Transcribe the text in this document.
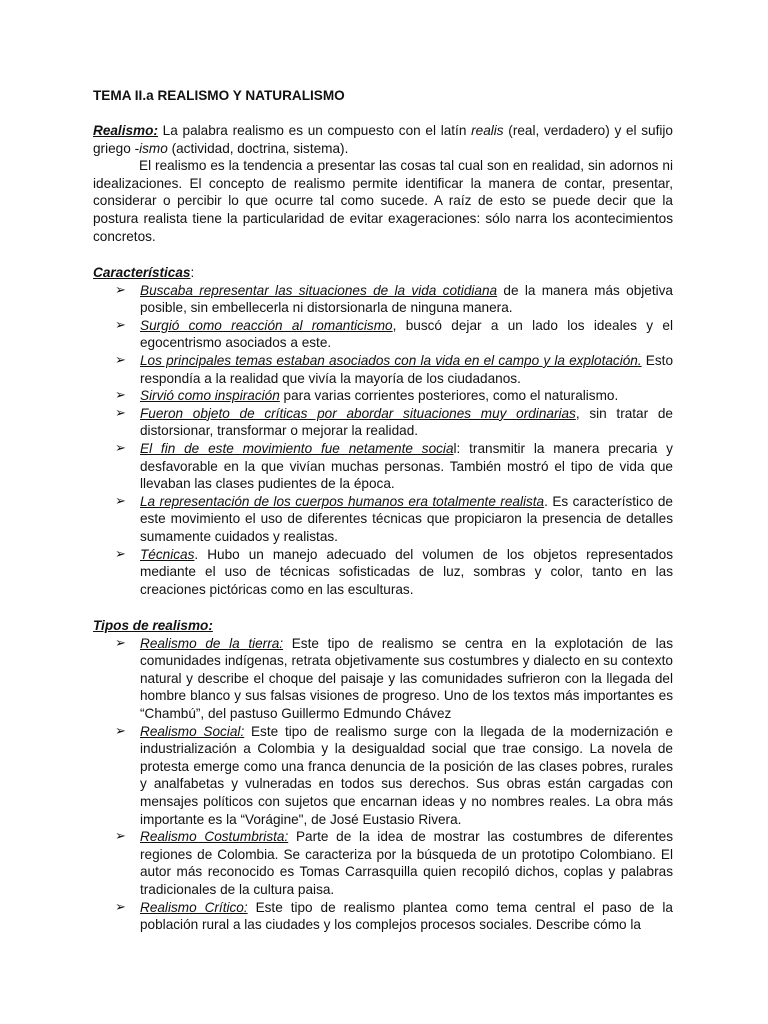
TEMA II.a REALISMO Y NATURALISMO
Realismo: La palabra realismo es un compuesto con el latín realis (real, verdadero) y el sufijo griego -ismo (actividad, doctrina, sistema).
El realismo es la tendencia a presentar las cosas tal cual son en realidad, sin adornos ni idealizaciones. El concepto de realismo permite identificar la manera de contar, presentar, considerar o percibir lo que ocurre tal como sucede. A raíz de esto se puede decir que la postura realista tiene la particularidad de evitar exageraciones: sólo narra los acontecimientos concretos.
Características:
➢ Buscaba representar las situaciones de la vida cotidiana de la manera más objetiva posible, sin embellecerla ni distorsionarla de ninguna manera.
➢ Surgió como reacción al romanticismo, buscó dejar a un lado los ideales y el egocentrismo asociados a este.
➢ Los principales temas estaban asociados con la vida en el campo y la explotación. Esto respondía a la realidad que vivía la mayoría de los ciudadanos.
➢ Sirvió como inspiración para varias corrientes posteriores, como el naturalismo.
➢ Fueron objeto de críticas por abordar situaciones muy ordinarias, sin tratar de distorsionar, transformar o mejorar la realidad.
➢ El fin de este movimiento fue netamente social: transmitir la manera precaria y desfavorable en la que vivían muchas personas. También mostró el tipo de vida que llevaban las clases pudientes de la época.
➢ La representación de los cuerpos humanos era totalmente realista. Es característico de este movimiento el uso de diferentes técnicas que propiciaron la presencia de detalles sumamente cuidados y realistas.
➢ Técnicas. Hubo un manejo adecuado del volumen de los objetos representados mediante el uso de técnicas sofisticadas de luz, sombras y color, tanto en las creaciones pictóricas como en las esculturas.
Tipos de realismo:
➢ Realismo de la tierra: Este tipo de realismo se centra en la explotación de las comunidades indígenas, retrata objetivamente sus costumbres y dialecto en su contexto natural y describe el choque del paisaje y las comunidades sufrieron con la llegada del hombre blanco y sus falsas visiones de progreso. Uno de los textos más importantes es “Chambú”, del pastuso Guillermo Edmundo Chávez
➢ Realismo Social: Este tipo de realismo surge con la llegada de la modernización e industrialización a Colombia y la desigualdad social que trae consigo. La novela de protesta emerge como una franca denuncia de la posición de las clases pobres, rurales y analfabetas y vulneradas en todos sus derechos. Sus obras están cargadas con mensajes políticos con sujetos que encarnan ideas y no nombres reales. La obra más importante es la “Vorágine", de José Eustasio Rivera.
➢ Realismo Costumbrista: Parte de la idea de mostrar las costumbres de diferentes regiones de Colombia. Se caracteriza por la búsqueda de un prototipo Colombiano. El autor más reconocido es Tomas Carrasquilla quien recopiló dichos, coplas y palabras tradicionales de la cultura paisa.
➢ Realismo Crítico: Este tipo de realismo plantea como tema central el paso de la población rural a las ciudades y los complejos procesos sociales. Describe cómo la
